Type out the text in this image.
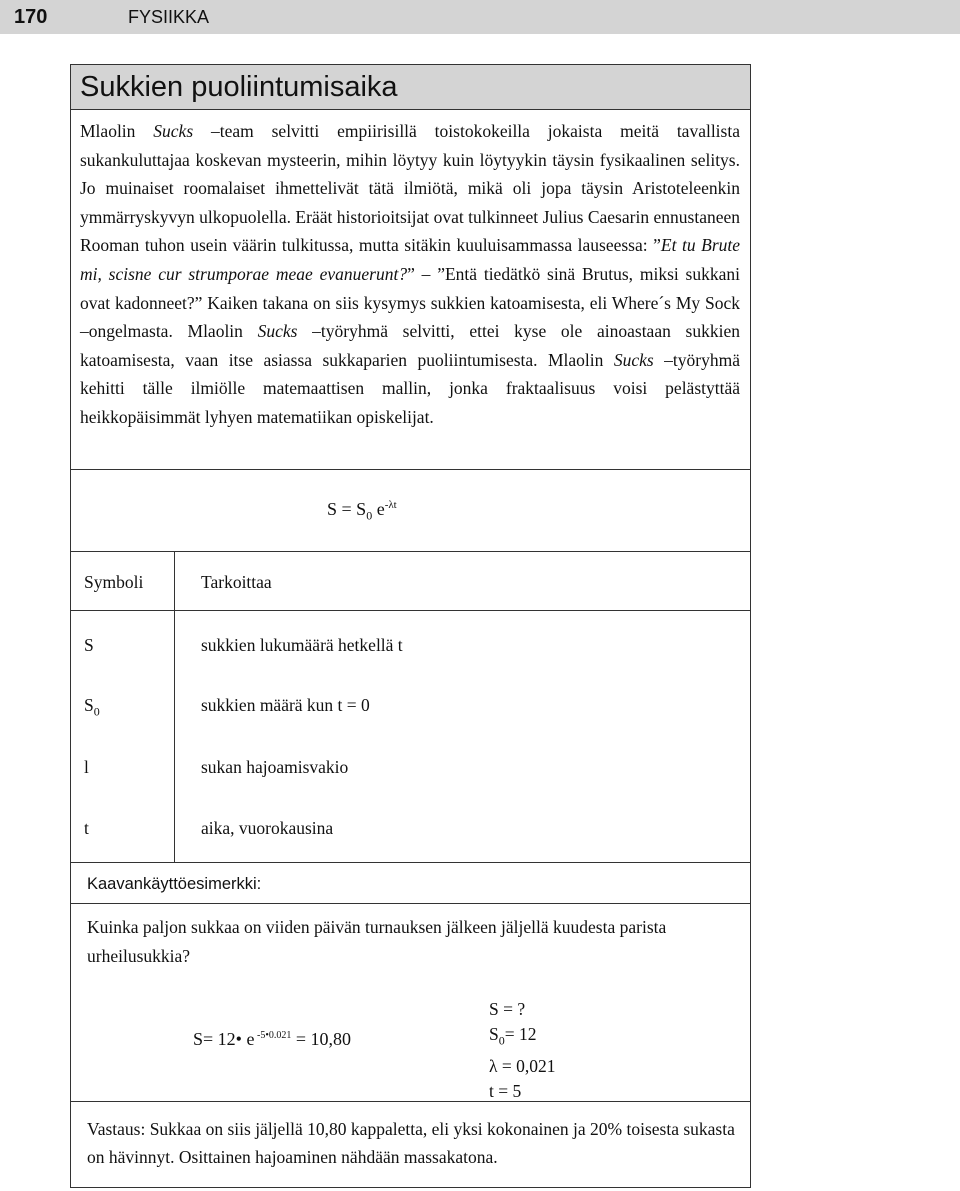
170	FYSIIKKA
Sukkien puoliintumisaika
Mlaolin Sucks –team selvitti empiirisillä toistokokeilla jokaista meitä tavallista sukankuluttajaa koskevan mysteerin, mihin löytyy kuin löytyykin täysin fysikaalinen selitys. Jo muinaiset roomalaiset ihmettelivät tätä ilmiötä, mikä oli jopa täysin Aristoteleenkin ymmärryskyvyn ulkopuolella. Eräät historioitsijat ovat tulkinneet Julius Caesarin ennustaneen Rooman tuhon usein väärin tulkitussa, mutta sitäkin kuuluisammassa lauseessa: ”Et tu Brute mi, scisne cur strumporae meae evanuerunt?” – ”Entä tiedätkö sinä Brutus, miksi sukkani ovat kadonneet?” Kaiken takana on siis kysymys sukkien katoamisesta, eli Where´s My Sock –ongelmasta. Mlaolin Sucks –työryhmä selvitti, ettei kyse ole ainoastaan sukkien katoamisesta, vaan itse asiassa sukkaparien puoliintumisesta. Mlaolin Sucks –työryhmä kehitti tälle ilmiölle matemaattisen mallin, jonka fraktaalisuus voisi pelästyttää heikkopäisimmät lyhyen matematiikan opiskelijat.
$S = S_0$ $e^{-\lambda t}$
Symboli	Tarkoittaa
S	sukkien lukumäärä hetkellä t
$S_0$	sukkien määrä kun t = 0
l	sukan hajoamisvakio
t	aika, vuorokausina
Kaavankäyttöesimerkki:
Kuinka paljon sukkaa on viiden päivän turnauksen jälkeen jäljellä kuudesta parista urheilusukkia?
S= 12• e $^{-5•0.021}$ = 10,80
S = ?
$S_0= 12$
λ = 0,021
t = 5
Vastaus: Sukkaa on siis jäljellä 10,80 kappaletta, eli yksi kokonainen ja 20% toisesta sukasta on hävinnyt. Osittainen hajoaminen nähdään massakatona.
